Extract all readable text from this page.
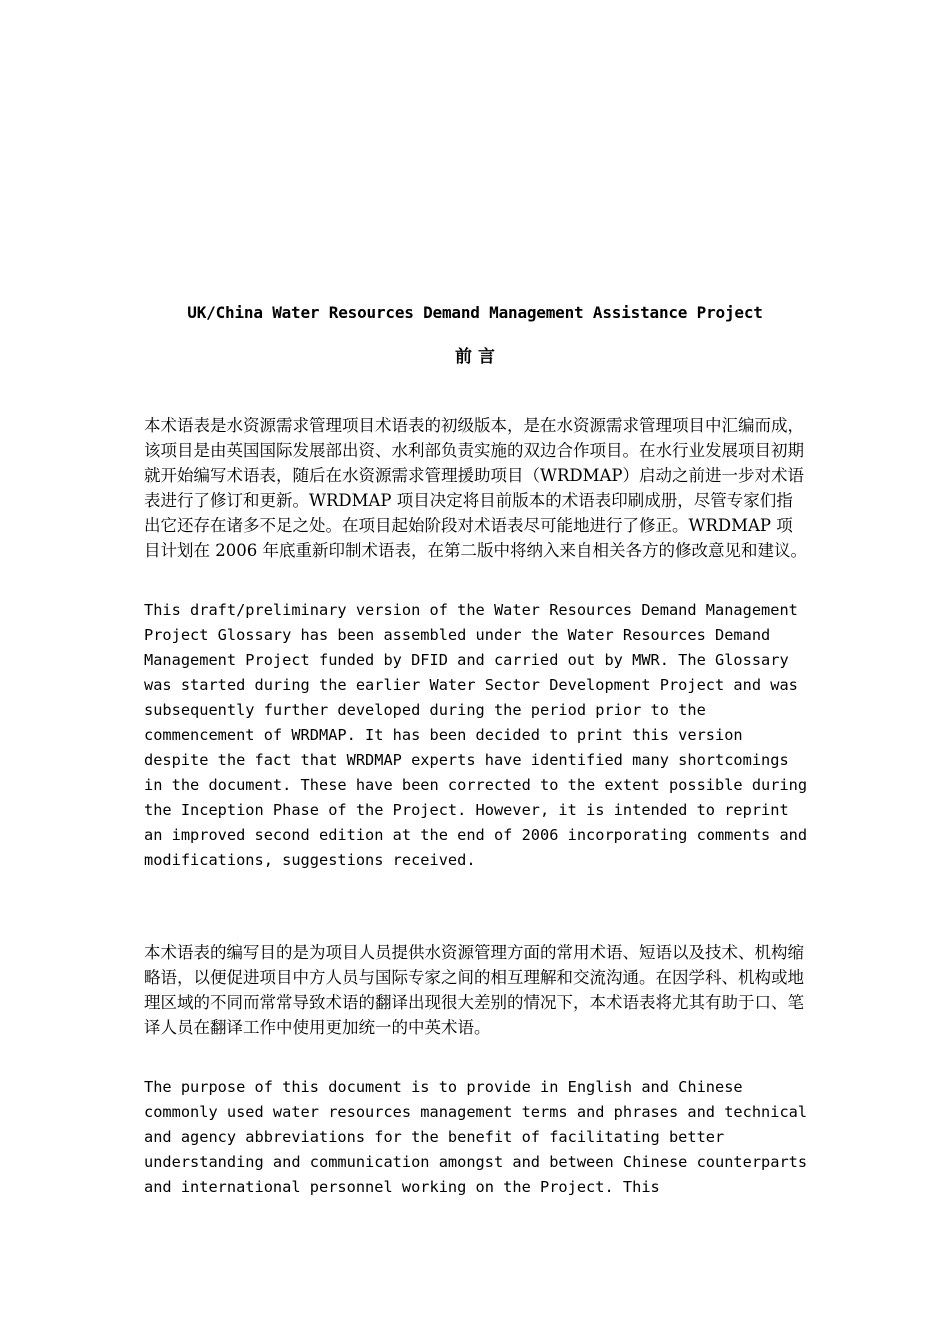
UK/China Water Resources Demand Management Assistance Project
前 言

本术语表是水资源需求管理项目术语表的初级版本，是在水资源需求管理项目中汇编而成，该项目是由英国国际发展部出资、水利部负责实施的双边合作项目。在水行业发展项目初期就开始编写术语表，随后在水资源需求管理援助项目（WRDMAP）启动之前进一步对术语表进行了修订和更新。WRDMAP 项目决定将目前版本的术语表印刷成册，尽管专家们指出它还存在诸多不足之处。在项目起始阶段对术语表尽可能地进行了修正。WRDMAP 项目计划在 2006 年底重新印制术语表，在第二版中将纳入来自相关各方的修改意见和建议。

This draft/preliminary version of the Water Resources Demand Management Project Glossary has been assembled under the Water Resources Demand Management Project funded by DFID and carried out by MWR. The Glossary was started during the earlier Water Sector Development Project and was subsequently further developed during the period prior to the commencement of WRDMAP. It has been decided to print this version despite the fact that WRDMAP experts have identified many shortcomings in the document. These have been corrected to the extent possible during the Inception Phase of the Project. However, it is intended to reprint an improved second edition at the end of 2006 incorporating comments and modifications, suggestions received.

本术语表的编写目的是为项目人员提供水资源管理方面的常用术语、短语以及技术、机构缩略语，以便促进项目中方人员与国际专家之间的相互理解和交流沟通。在因学科、机构或地理区域的不同而常常导致术语的翻译出现很大差别的情况下，本术语表将尤其有助于口、笔译人员在翻译工作中使用更加统一的中英术语。

The purpose of this document is to provide in English and Chinese commonly used water resources management terms and phrases and technical and agency abbreviations for the benefit of facilitating better understanding and communication amongst and between Chinese counterparts and international personnel working on the Project. This
